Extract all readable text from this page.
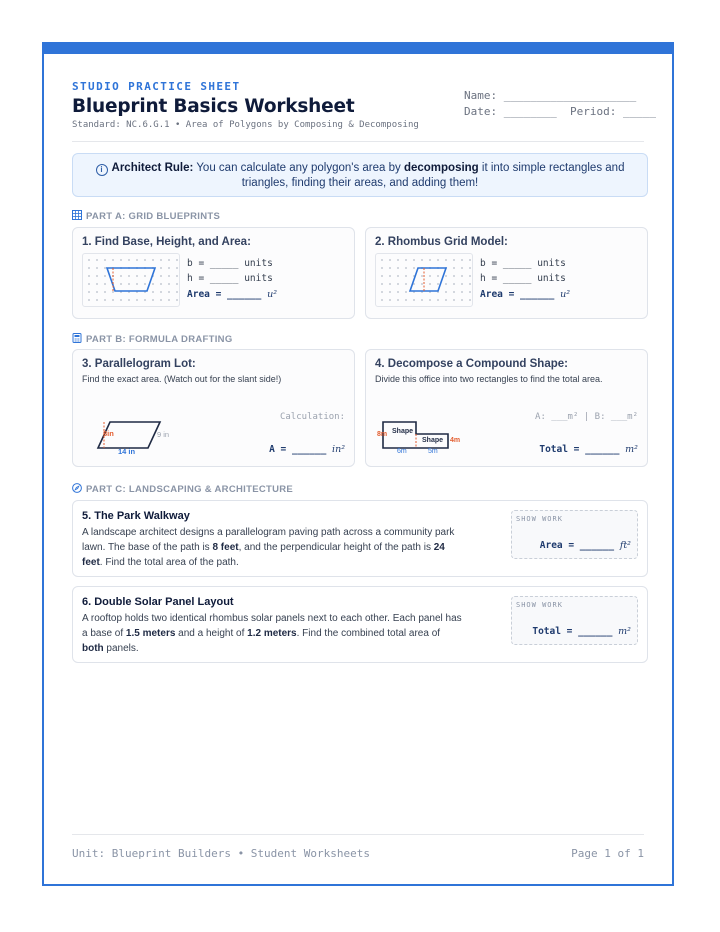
STUDIO PRACTICE SHEET
Blueprint Basics Worksheet
Standard: NC.6.G.1 • Area of Polygons by Composing & Decomposing
Name: ____________________
Date: ________  Period: _____
i Architect Rule: You can calculate any polygon's area by decomposing it into simple rectangles and triangles, finding their areas, and adding them!
PART A: GRID BLUEPRINTS
1. Find Base, Height, and Area:
b = _____ units
h = _____ units
Area = ______ u²
2. Rhombus Grid Model:
b = _____ units
h = _____ units
Area = ______ u²
PART B: FORMULA DRAFTING
3. Parallelogram Lot:
Find the exact area. (Watch out for the slant side!)
8in	9 in
14 in
Calculation:
A = ______ in²
4. Decompose a Compound Shape:
Divide this office into two rectangles to find the total area.
8m
4m
Shape
Shape
6m	5m
A: ___m² | B: ___m²
Total = ______ m²
PART C: LANDSCAPING & ARCHITECTURE
5. The Park Walkway
A landscape architect designs a parallelogram paving path across a community park lawn. The base of the path is 8 feet, and the perpendicular height of the path is 24 feet. Find the total area of the path.
SHOW WORK
Area = ______ ft²
6. Double Solar Panel Layout
A rooftop holds two identical rhombus solar panels next to each other. Each panel has a base of 1.5 meters and a height of 1.2 meters. Find the combined total area of both panels.
SHOW WORK
Total = ______ m²
Unit: Blueprint Builders • Student Worksheets	Page 1 of 1
